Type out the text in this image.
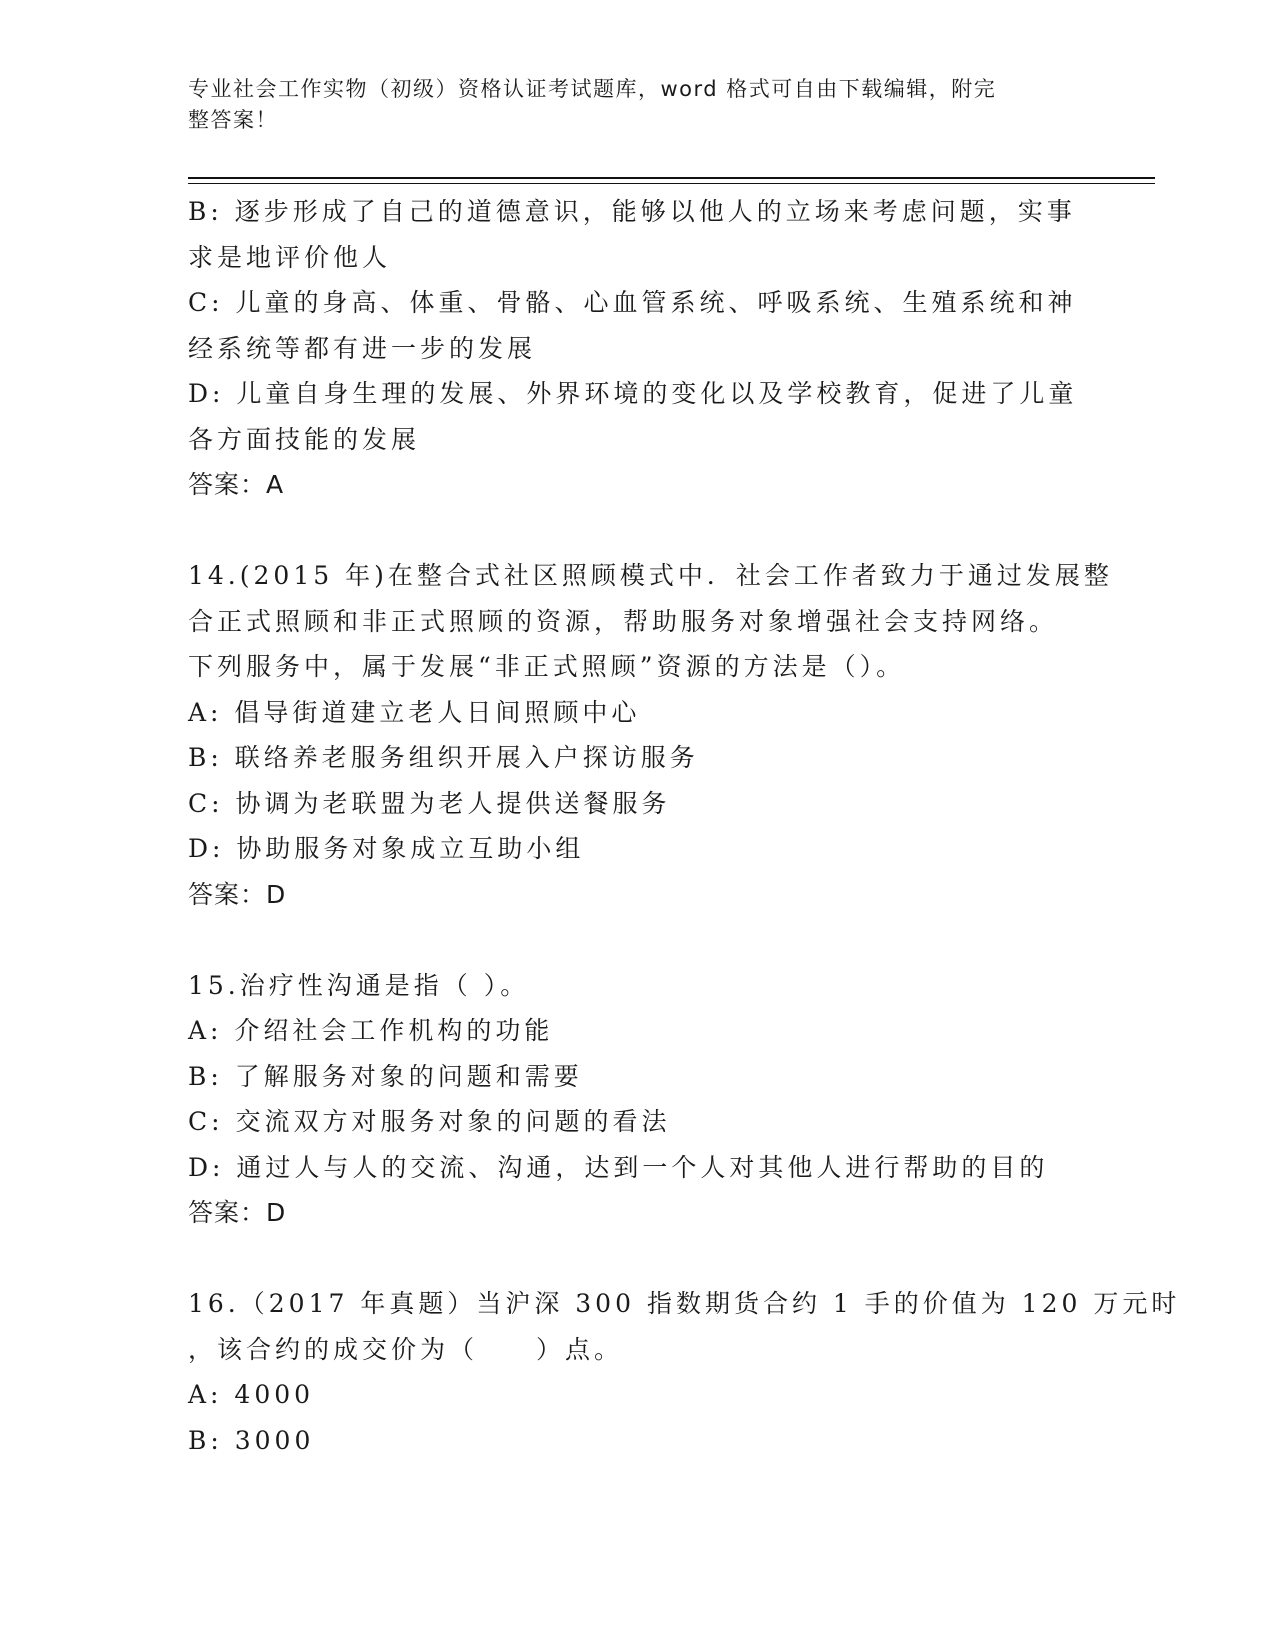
专业社会工作实物（初级）资格认证考试题库，word 格式可自由下载编辑，附完
整答案！
B: 逐步形成了自己的道德意识，能够以他人的立场来考虑问题，实事
求是地评价他人
C: 儿童的身高、体重、骨骼、心血管系统、呼吸系统、生殖系统和神
经系统等都有进一步的发展
D: 儿童自身生理的发展、外界环境的变化以及学校教育，促进了儿童
各方面技能的发展
答案：A
14.(2015 年)在整合式社区照顾模式中．社会工作者致力于通过发展整
合正式照顾和非正式照顾的资源，帮助服务对象增强社会支持网络。
下列服务中，属于发展“非正式照顾”资源的方法是（）。
A: 倡导街道建立老人日间照顾中心
B: 联络养老服务组织开展入户探访服务
C: 协调为老联盟为老人提供送餐服务
D: 协助服务对象成立互助小组
答案：D
15.治疗性沟通是指（ ）。
A: 介绍社会工作机构的功能
B: 了解服务对象的问题和需要
C: 交流双方对服务对象的问题的看法
D: 通过人与人的交流、沟通，达到一个人对其他人进行帮助的目的
答案：D
16.（2017 年真题）当沪深 300 指数期货合约 1 手的价值为 120 万元时
，该合约的成交价为（　　）点。
A: 4000
B: 3000
